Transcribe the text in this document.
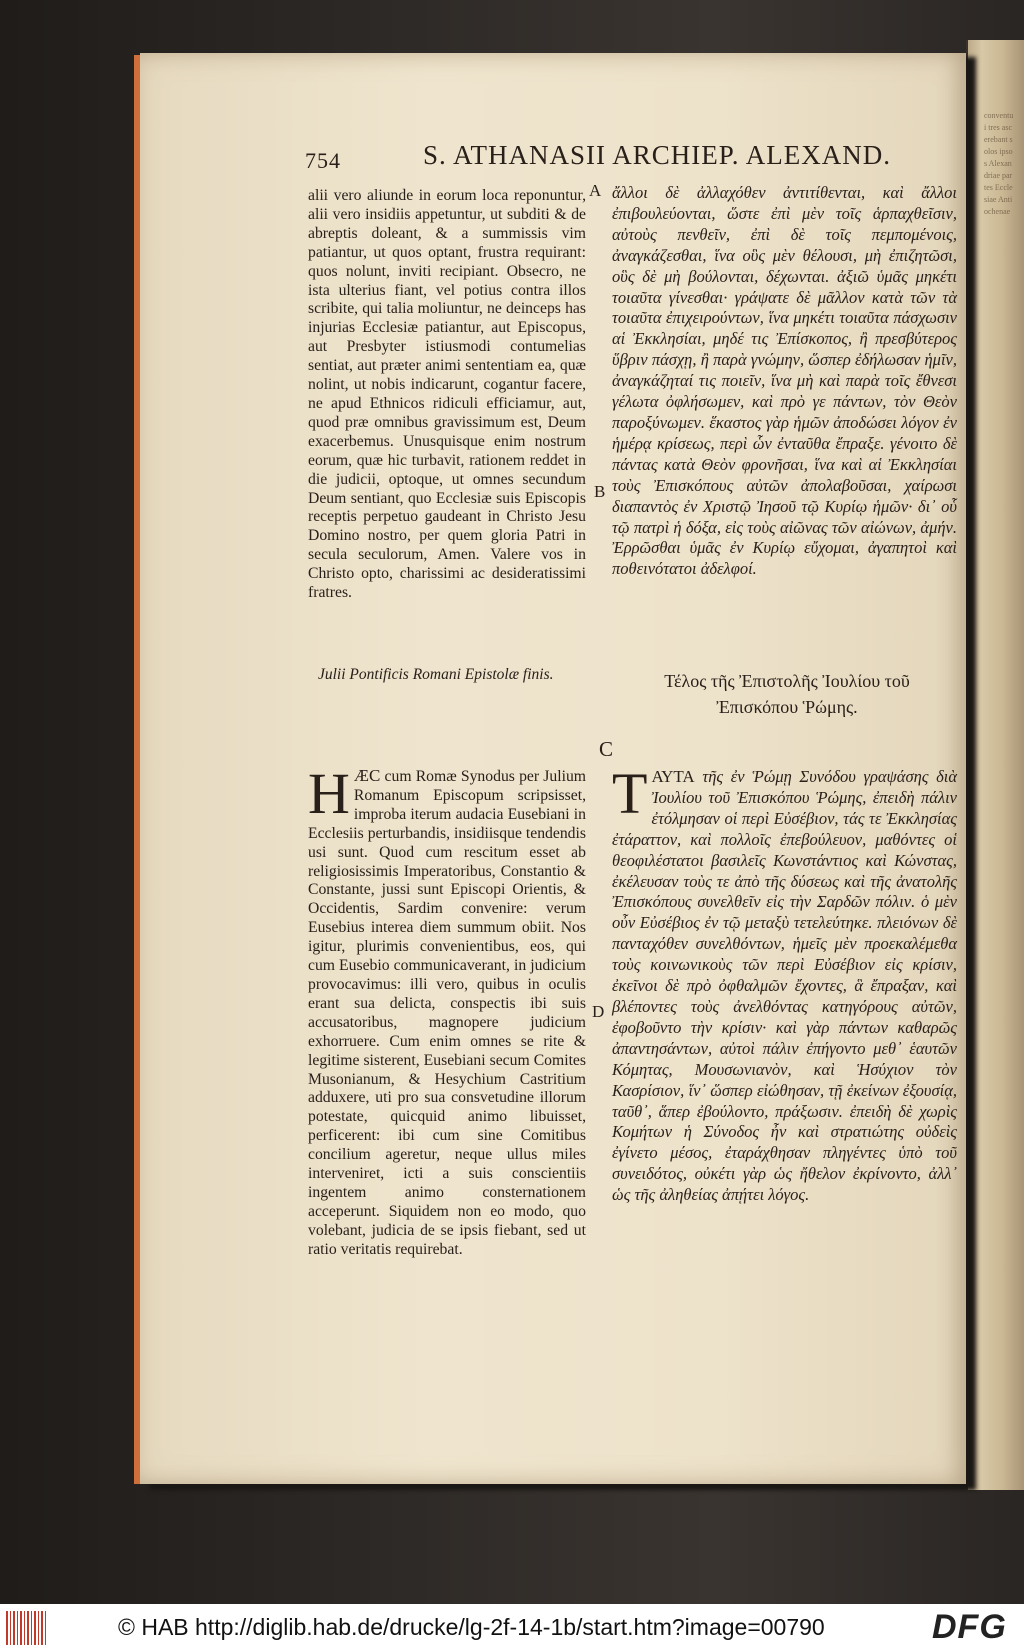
conventui tres ascerebant solos ipsos Alexandriae partes Ecclesiae Antiochenae
754	S. ATHANASII ARCHIEP. ALEXAND.
alii vero aliunde in eorum loca reponuntur, alii vero insidiis appetuntur, ut subditi & de abreptis doleant, & a summissis vim patiantur, ut quos optant, frustra requirant: quos nolunt, inviti recipiant. Obsecro, ne ista ulterius fiant, vel potius contra illos scribite, qui talia moliuntur, ne deinceps has injurias Ecclesiæ patiantur, aut Episcopus, aut Presbyter istiusmodi contumelias sentiat, aut præter animi sententiam ea, quæ nolint, ut nobis indicarunt, cogantur facere, ne apud Ethnicos ridiculi efficiamur, aut, quod præ omnibus gravissimum est, Deum exacerbemus. Unusquisque enim nostrum eorum, quæ hic turbavit, rationem reddet in die judicii, optoque, ut omnes secundum Deum sentiant, quo Ecclesiæ suis Episcopis receptis perpetuo gaudeant in Christo Jesu Domino nostro, per quem gloria Patri in secula seculorum, Amen. Valere vos in Christo opto, charissimi ac desideratissimi fratres.
ἄλλοι δὲ ἀλλαχόθεν ἀντιτίθενται, καὶ ἄλλοι ἐπιβουλεύονται, ὥστε ἐπὶ μὲν τοῖς ἁρπαχθεῖσιν, αὐτοὺς πενθεῖν, ἐπὶ δὲ τοῖς πεμπομένοις, ἀναγκάζεσθαι, ἵνα οὓς μὲν θέλουσι, μὴ ἐπιζητῶσι, οὓς δὲ μὴ βούλονται, δέχωνται. ἀξιῶ ὑμᾶς μηκέτι τοιαῦτα γίνεσθαι· γράψατε δὲ μᾶλλον κατὰ τῶν τὰ τοιαῦτα ἐπιχειρούντων, ἵνα μηκέτι τοιαῦτα πάσχωσιν αἱ Ἐκκλησίαι, μηδέ τις Ἐπίσκοπος, ἢ πρεσβύτερος ὕβριν πάσχῃ, ἢ παρὰ γνώμην, ὥσπερ ἐδήλωσαν ἡμῖν, ἀναγκάζηταί τις ποιεῖν, ἵνα μὴ καὶ παρὰ τοῖς ἔθνεσι γέλωτα ὀφλήσωμεν, καὶ πρὸ γε πάντων, τὸν Θεὸν παροξύνωμεν. ἕκαστος γὰρ ἡμῶν ἀποδώσει λόγον ἐν ἡμέρᾳ κρίσεως, περὶ ὧν ἐνταῦθα ἔπραξε. γένοιτο δὲ πάντας κατὰ Θεὸν φρονῆσαι, ἵνα καὶ αἱ Ἐκκλησίαι τοὺς Ἐπισκόπους αὐτῶν ἀπολαβοῦσαι, χαίρωσι διαπαντὸς ἐν Χριστῷ Ἰησοῦ τῷ Κυρίῳ ἡμῶν· δι᾽ οὗ τῷ πατρὶ ἡ δόξα, εἰς τοὺς αἰῶνας τῶν αἰώνων, ἀμήν. Ἐρρῶσθαι ὑμᾶς ἐν Κυρίῳ εὔχομαι, ἀγαπητοὶ καὶ ποθεινότατοι ἀδελφοί.
A
B
C
D
Julii Pontificis Romani Epistolæ finis.	Τέλος τῆς Ἐπιστολῆς Ἰουλίου τοῦ Ἐπισκόπου Ῥώμης.
HÆC cum Romæ Synodus per Julium Romanum Episcopum scripsisset, improba iterum audacia Eusebiani in Ecclesiis perturbandis, insidiisque tendendis usi sunt. Quod cum rescitum esset ab religiosissimis Imperatoribus, Constantio & Constante, jussi sunt Episcopi Orientis, & Occidentis, Sardim convenire: verum Eusebius interea diem summum obiit. Nos igitur, plurimis convenientibus, eos, qui cum Eusebio communicaverant, in judicium provocavimus: illi vero, quibus in oculis erant sua delicta, conspectis ibi suis accusatoribus, magnopere judicium exhorruere. Cum enim omnes se rite & legitime sisterent, Eusebiani secum Comites Musonianum, & Hesychium Castritium adduxere, uti pro sua consvetudine illorum potestate, quicquid animo libuisset, perficerent: ibi cum sine Comitibus concilium ageretur, neque ullus miles interveniret, icti a suis conscientiis ingentem animo consternationem acceperunt. Siquidem non eo modo, quo volebant, judicia de se ipsis fiebant, sed ut ratio veritatis requirebat.
ΤΑΥΤΑ τῆς ἐν Ῥώμῃ Συνόδου γραψάσης διὰ Ἰουλίου τοῦ Ἐπισκόπου Ῥώμης, ἐπειδὴ πάλιν ἐτόλμησαν οἱ περὶ Εὐσέβιον, τάς τε Ἐκκλησίας ἐτάραττον, καὶ πολλοῖς ἐπεβούλευον, μαθόντες οἱ θεοφιλέστατοι βασιλεῖς Κωνστάντιος καὶ Κώνστας, ἐκέλευσαν τοὺς τε ἀπὸ τῆς δύσεως καὶ τῆς ἀνατολῆς Ἐπισκόπους συνελθεῖν εἰς τὴν Σαρδῶν πόλιν. ὁ μὲν οὖν Εὐσέβιος ἐν τῷ μεταξὺ τετελεύτηκε. πλειόνων δὲ πανταχόθεν συνελθόντων, ἡμεῖς μὲν προεκαλέμεθα τοὺς κοινωνικοὺς τῶν περὶ Εὐσέβιον εἰς κρίσιν, ἐκεῖνοι δὲ πρὸ ὀφθαλμῶν ἔχοντες, ἃ ἔπραξαν, καὶ βλέποντες τοὺς ἀνελθόντας κατηγόρους αὐτῶν, ἐφοβοῦντο τὴν κρίσιν· καὶ γὰρ πάντων καθαρῶς ἀπαντησάντων, αὐτοὶ πάλιν ἐπήγοντο μεθ᾽ ἑαυτῶν Κόμητας, Μουσωνιανὸν, καὶ Ἡσύχιον τὸν Κασρίσιον, ἵν᾽ ὥσπερ εἰώθησαν, τῇ ἐκείνων ἐξουσίᾳ, ταῦθ᾽, ἅπερ ἐβούλοντο, πράξωσιν. ἐπειδὴ δὲ χωρὶς Κομήτων ἡ Σύνοδος ἦν καὶ στρατιώτης οὐδεὶς ἐγίνετο μέσος, ἐταράχθησαν πληγέντες ὑπὸ τοῦ συνειδότος, οὐκέτι γὰρ ὡς ἤθελον ἐκρίνοντο, ἀλλ᾽ ὡς τῆς ἀληθείας ἀπῄτει λόγος.
© HAB http://diglib.hab.de/drucke/lg-2f-14-1b/start.htm?image=00790	DFG
